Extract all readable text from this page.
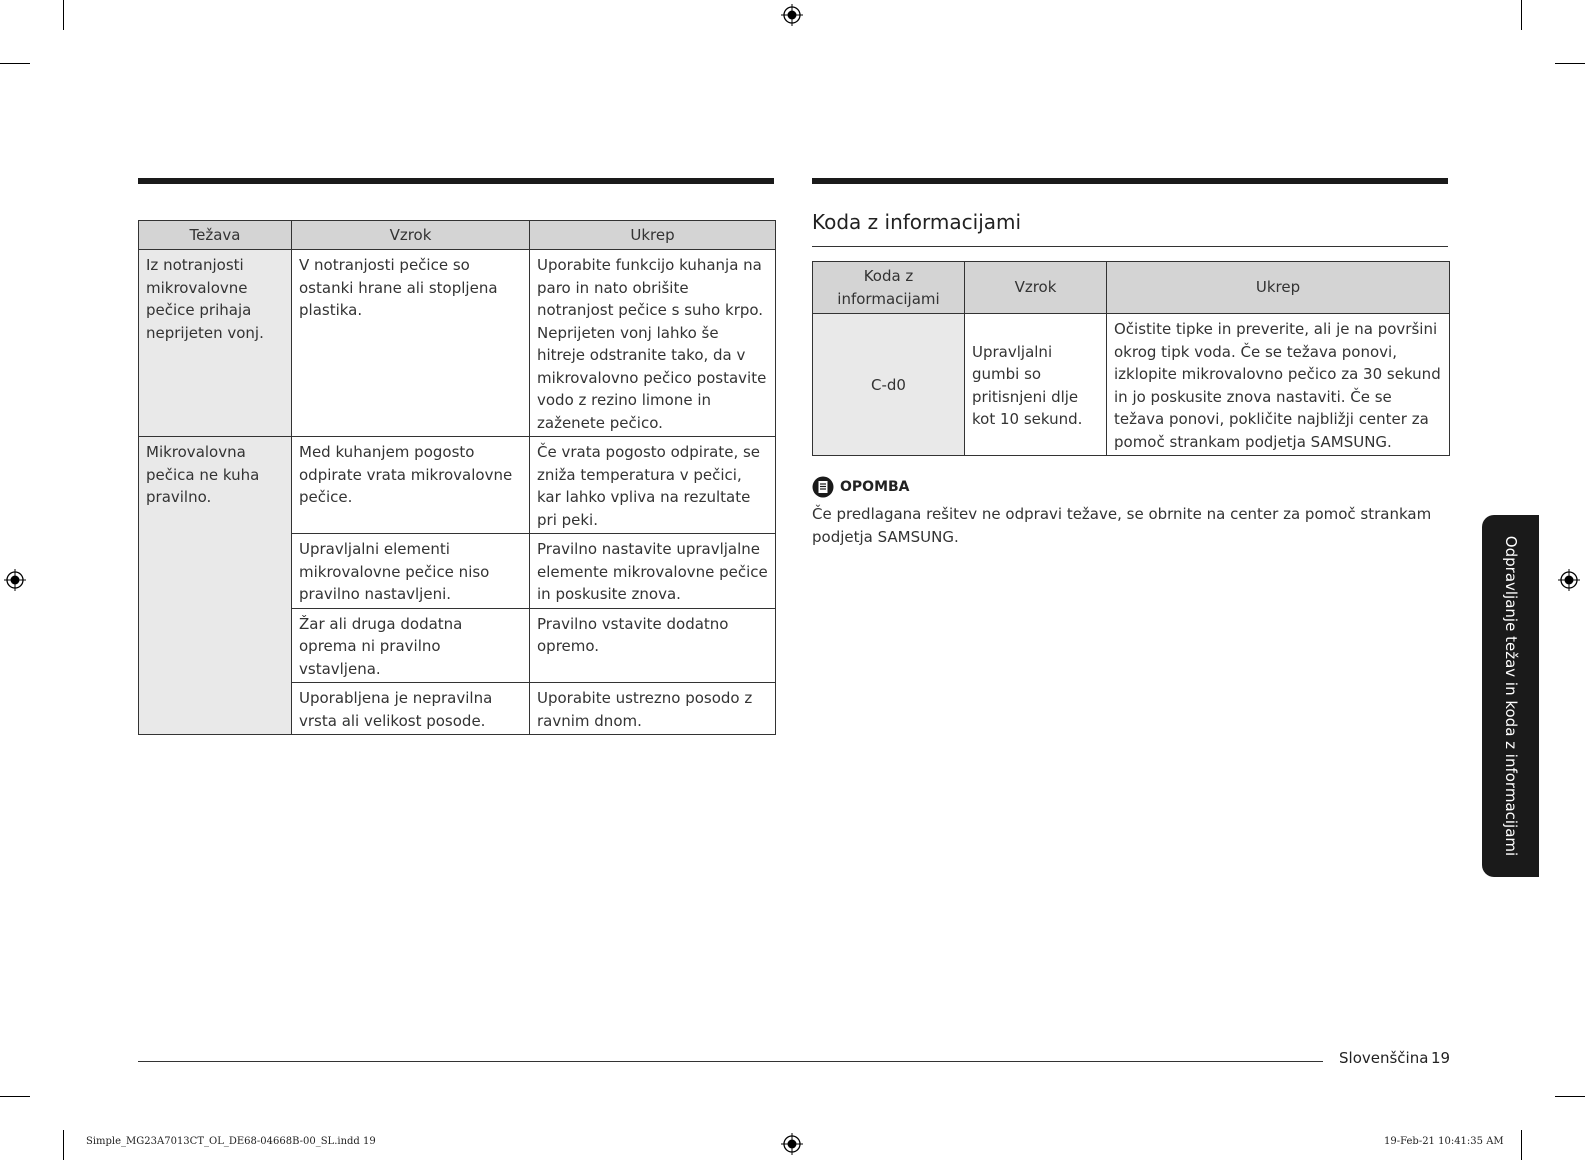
Težava	Vzrok	Ukrep
Iz notranjosti mikrovalovne pečice prihaja neprijeten vonj.	V notranjosti pečice so ostanki hrane ali stopljena plastika.	Uporabite funkcijo kuhanja na paro in nato obrišite notranjost pečice s suho krpo. Neprijeten vonj lahko še hitreje odstranite tako, da v mikrovalovno pečico postavite vodo z rezino limone in zaženete pečico.
Mikrovalovna pečica ne kuha pravilno.	Med kuhanjem pogosto odpirate vrata mikrovalovne pečice.	Če vrata pogosto odpirate, se zniža temperatura v pečici, kar lahko vpliva na rezultate pri peki.
	Upravljalni elementi mikrovalovne pečice niso pravilno nastavljeni.	Pravilno nastavite upravljalne elemente mikrovalovne pečice in poskusite znova.
	Žar ali druga dodatna oprema ni pravilno vstavljena.	Pravilno vstavite dodatno opremo.
	Uporabljena je nepravilna vrsta ali velikost posode.	Uporabite ustrezno posodo z ravnim dnom.
Koda z informacijami
Koda z informacijami	Vzrok	Ukrep
C-d0	Upravljalni gumbi so pritisnjeni dlje kot 10 sekund.	Očistite tipke in preverite, ali je na površini okrog tipk voda. Če se težava ponovi, izklopite mikrovalovno pečico za 30 sekund in jo poskusite znova nastaviti. Če se težava ponovi, pokličite najbližji center za pomoč strankam podjetja SAMSUNG.
OPOMBA
Če predlagana rešitev ne odpravi težave, se obrnite na center za pomoč strankam podjetja SAMSUNG.	Odpravljanje težav in koda z informacijami
Slovenščina 19
Simple_MG23A7013CT_OL_DE68-04668B-00_SL.indd 19	19-Feb-21 10:41:35 AM
